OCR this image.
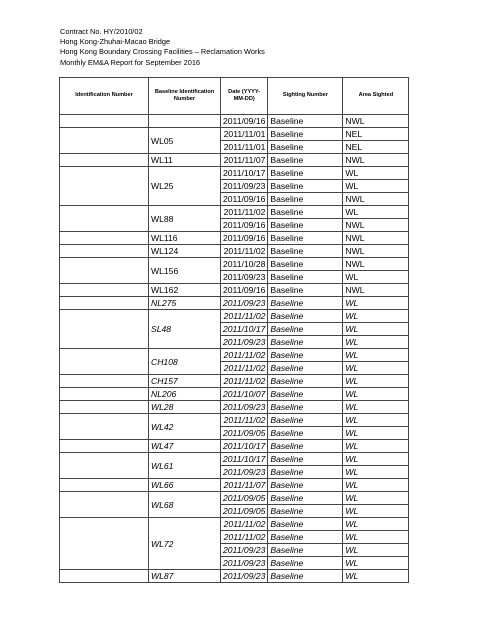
Contract No. HY/2010/02
Hong Kong-Zhuhai-Macao Bridge
Hong Kong Boundary Crossing Facilities – Reclamation Works
Monthly EM&A Report for September 2016
Identification Number	Baseline Identification Number	Date (YYYY-MM-DD)	Sighting Number	Area Sighted
		2011/09/16	Baseline	NWL
	WL05	2011/11/01	Baseline	NEL
		2011/11/01	Baseline	NEL
	WL11	2011/11/07	Baseline	NWL
	WL25	2011/10/17	Baseline	WL
		2011/09/23	Baseline	WL
		2011/09/16	Baseline	NWL
	WL88	2011/11/02	Baseline	WL
		2011/09/16	Baseline	NWL
	WL116	2011/09/16	Baseline	NWL
	WL124	2011/11/02	Baseline	NWL
	WL156	2011/10/28	Baseline	NWL
		2011/09/23	Baseline	WL
	WL162	2011/09/16	Baseline	NWL
	NL275	2011/09/23	Baseline	WL
	SL48	2011/11/02	Baseline	WL
		2011/10/17	Baseline	WL
		2011/09/23	Baseline	WL
	CH108	2011/11/02	Baseline	WL
		2011/11/02	Baseline	WL
	CH157	2011/11/02	Baseline	WL
	NL206	2011/10/07	Baseline	WL
	WL28	2011/09/23	Baseline	WL
	WL42	2011/11/02	Baseline	WL
		2011/09/05	Baseline	WL
	WL47	2011/10/17	Baseline	WL
	WL61	2011/10/17	Baseline	WL
		2011/09/23	Baseline	WL
	WL66	2011/11/07	Baseline	WL
	WL68	2011/09/05	Baseline	WL
		2011/09/05	Baseline	WL
	WL72	2011/11/02	Baseline	WL
		2011/11/02	Baseline	WL
		2011/09/23	Baseline	WL
		2011/09/23	Baseline	WL
	WL87	2011/09/23	Baseline	WL
